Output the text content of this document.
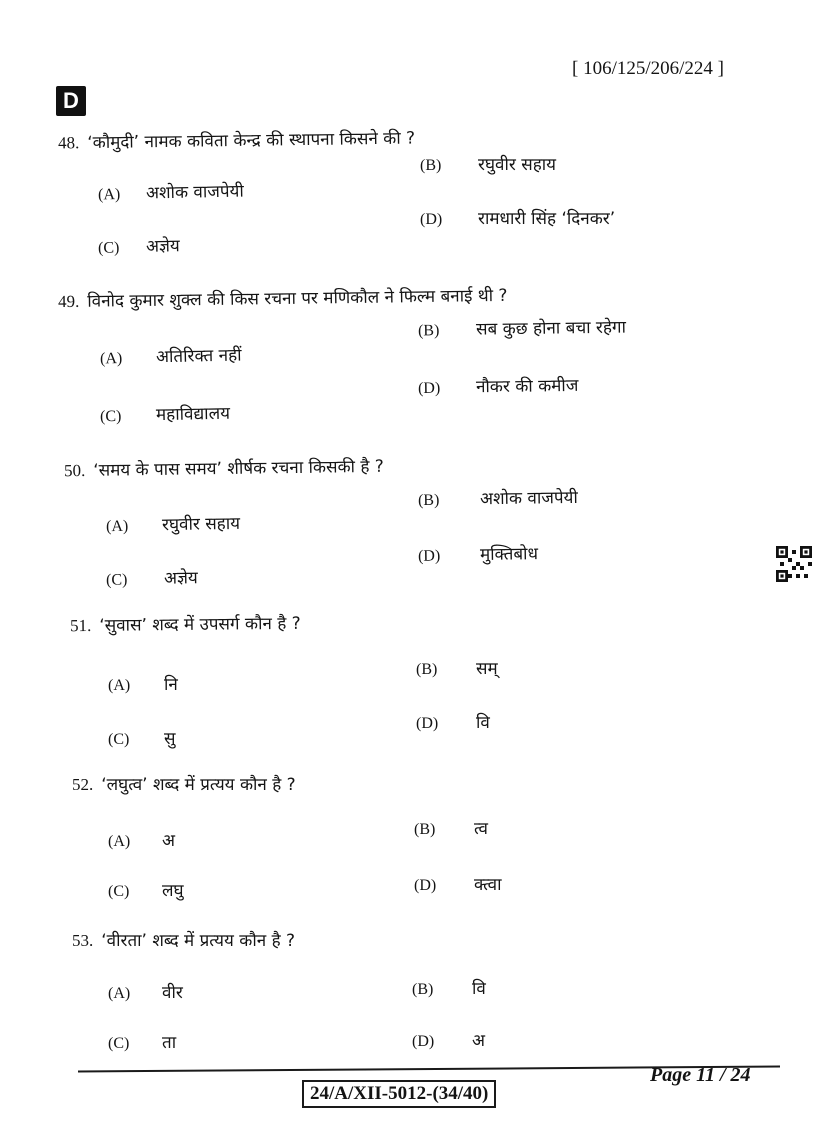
[ 106/125/206/224 ]
D
48. ‘कौमुदी’ नामक कविता केन्द्र की स्थापना किसने की ?
(A) अशोक वाजपेयी
(B) रघुवीर सहाय
(C) अज्ञेय
(D) रामधारी सिंह ‘दिनकर’
49. विनोद कुमार शुक्ल की किस रचना पर मणिकौल ने फिल्म बनाई थी ?
(A) अतिरिक्त नहीं
(B) सब कुछ होना बचा रहेगा
(C) महाविद्यालय
(D) नौकर की कमीज
50. ‘समय के पास समय’ शीर्षक रचना किसकी है ?
(A) रघुवीर सहाय
(B) अशोक वाजपेयी
(C) अज्ञेय
(D) मुक्तिबोध
51. ‘सुवास’ शब्द में उपसर्ग कौन है ?
(A) नि
(B) सम्
(C) सु
(D) वि
52. ‘लघुत्व’ शब्द में प्रत्यय कौन है ?
(A) अ
(B) त्व
(C) लघु	(D) क्त्वा
53. ‘वीरता’ शब्द में प्रत्यय कौन है ?
(A) वीर	(B) वि
(C) ता	(D) अ
24/A/XII-5012-(34/40)
Page 11 / 24
